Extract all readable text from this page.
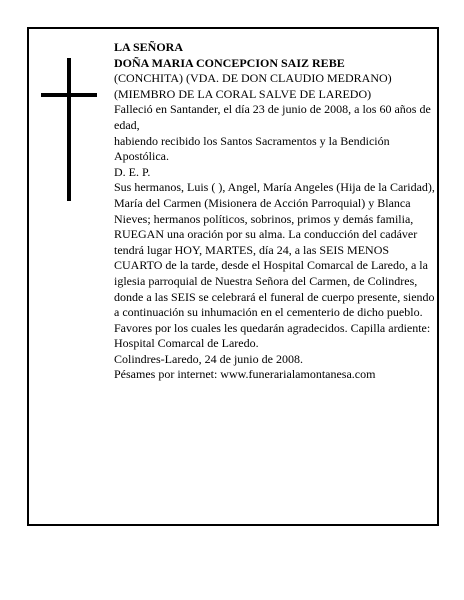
LA SEÑORA

DOÑA MARIA CONCEPCION SAIZ REBE

(CONCHITA) (VDA. DE DON CLAUDIO MEDRANO) (MIEMBRO DE LA CORAL SALVE DE LAREDO)

Falleció en Santander, el día 23 de junio de 2008, a los 60 años de edad,

habiendo recibido los Santos Sacramentos y la Bendición Apostólica.

D. E. P.

Sus hermanos, Luis ( ), Angel, María Angeles (Hija de la Caridad), María del Carmen (Misionera de Acción Parroquial) y Blanca Nieves; hermanos políticos, sobrinos, primos y demás familia,

RUEGAN una oración por su alma. La conducción del cadáver tendrá lugar HOY, MARTES, día 24, a las SEIS MENOS CUARTO de la tarde, desde el Hospital Comarcal de Laredo, a la iglesia parroquial de Nuestra Señora del Carmen, de Colindres, donde a las SEIS se celebrará el funeral de cuerpo presente, siendo a continuación su inhumación en el cementerio de dicho pueblo. Favores por los cuales les quedarán agradecidos. Capilla ardiente: Hospital Comarcal de Laredo.

Colindres-Laredo, 24 de junio de 2008.

Pésames por internet: www.funerarialamontanesa.com
